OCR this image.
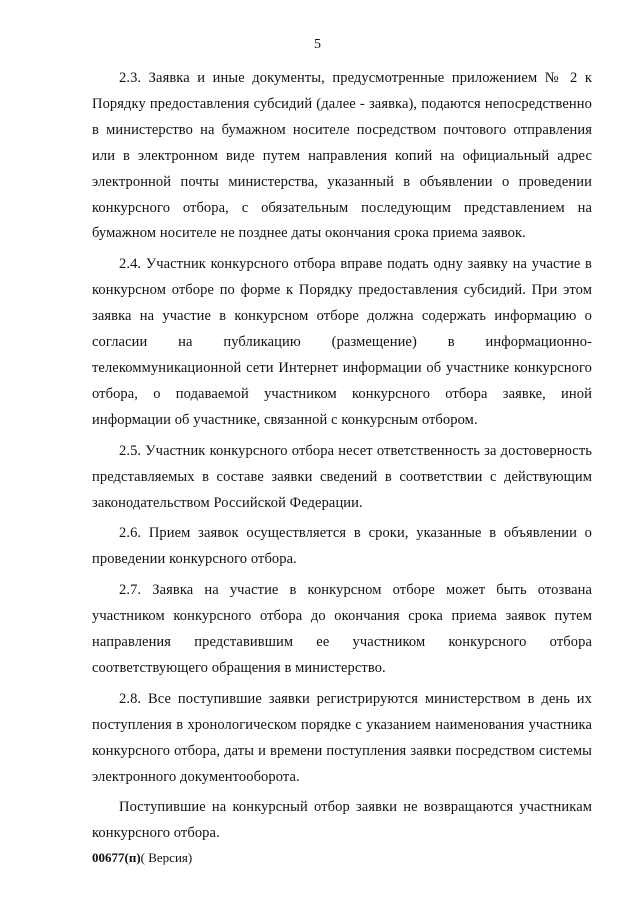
5

2.3. Заявка и иные документы, предусмотренные приложением № 2 к Порядку предоставления субсидий (далее - заявка), подаются непосредственно в министерство на бумажном носителе посредством почтового отправления или в электронном виде путем направления копий на официальный адрес электронной почты министерства, указанный в объявлении о проведении конкурсного отбора, с обязательным последующим представлением на бумажном носителе не позднее даты окончания срока приема заявок.

2.4. Участник конкурсного отбора вправе подать одну заявку на участие в конкурсном отборе по форме к Порядку предоставления субсидий. При этом заявка на участие в конкурсном отборе должна содержать информацию о согласии на публикацию (размещение) в информационно-телекоммуникационной сети Интернет информации об участнике конкурсного отбора, о подаваемой участником конкурсного отбора заявке, иной информации об участнике, связанной с конкурсным отбором.

2.5. Участник конкурсного отбора несет ответственность за достоверность представляемых в составе заявки сведений в соответствии с действующим законодательством Российской Федерации.

2.6. Прием заявок осуществляется в сроки, указанные в объявлении о проведении конкурсного отбора.

2.7. Заявка на участие в конкурсном отборе может быть отозвана участником конкурсного отбора до окончания срока приема заявок путем направления представившим ее участником конкурсного отбора соответствующего обращения в министерство.

2.8. Все поступившие заявки регистрируются министерством в день их поступления в хронологическом порядке с указанием наименования участника конкурсного отбора, даты и времени поступления заявки посредством системы электронного документооборота.

Поступившие на конкурсный отбор заявки не возвращаются участникам конкурсного отбора.

00677(п)( Версия)
